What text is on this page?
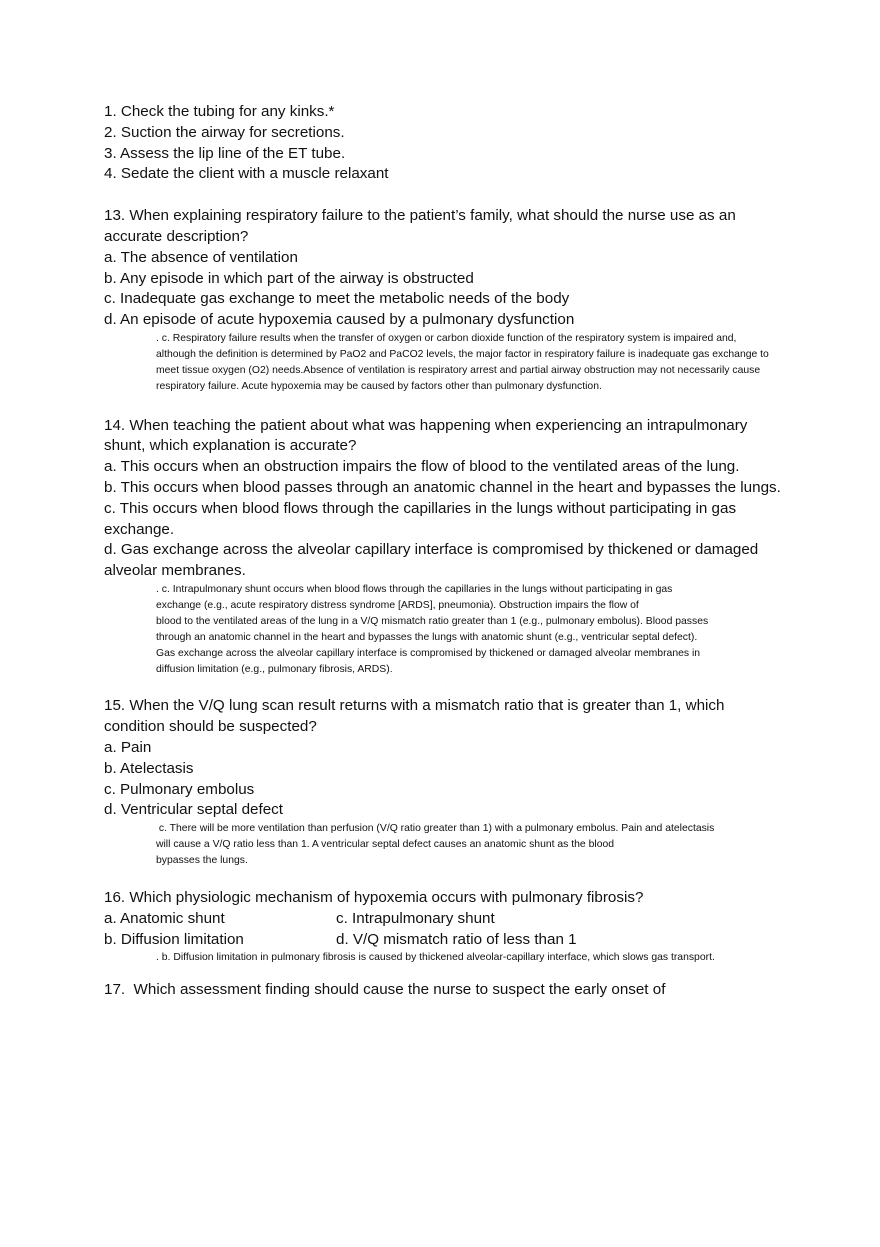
1. Check the tubing for any kinks.*
2. Suction the airway for secretions.
3. Assess the lip line of the ET tube.
4. Sedate the client with a muscle relaxant
13. When explaining respiratory failure to the patient’s family, what should the nurse use as an accurate description?
a. The absence of ventilation
b. Any episode in which part of the airway is obstructed
c. Inadequate gas exchange to meet the metabolic needs of the body
d. An episode of acute hypoxemia caused by a pulmonary dysfunction
. c. Respiratory failure results when the transfer of oxygen or carbon dioxide function of the respiratory system is impaired and, although the definition is determined by PaO2 and PaCO2 levels, the major factor in respiratory failure is inadequate gas exchange to meet tissue oxygen (O2) needs.Absence of ventilation is respiratory arrest and partial airway obstruction may not necessarily cause respiratory failure. Acute hypoxemia may be caused by factors other than pulmonary dysfunction.
14. When teaching the patient about what was happening when experiencing an intrapulmonary shunt, which explanation is accurate?
a. This occurs when an obstruction impairs the flow of blood to the ventilated areas of the lung.
b. This occurs when blood passes through an anatomic channel in the heart and bypasses the lungs.
c. This occurs when blood flows through the capillaries in the lungs without participating in gas exchange.
d. Gas exchange across the alveolar capillary interface is compromised by thickened or damaged alveolar membranes.
. c. Intrapulmonary shunt occurs when blood flows through the capillaries in the lungs without participating in gas
exchange (e.g., acute respiratory distress syndrome [ARDS], pneumonia). Obstruction impairs the flow of
blood to the ventilated areas of the lung in a V/Q mismatch ratio greater than 1 (e.g., pulmonary embolus). Blood passes
through an anatomic channel in the heart and bypasses the lungs with anatomic shunt (e.g., ventricular septal defect).
Gas exchange across the alveolar capillary interface is compromised by thickened or damaged alveolar membranes in
diffusion limitation (e.g., pulmonary fibrosis, ARDS).
15. When the V/Q lung scan result returns with a mismatch ratio that is greater than 1, which condition should be suspected?
a. Pain
b. Atelectasis
c. Pulmonary embolus
d. Ventricular septal defect
c. There will be more ventilation than perfusion (V/Q ratio greater than 1) with a pulmonary embolus. Pain and atelectasis
will cause a V/Q ratio less than 1. A ventricular septal defect causes an anatomic shunt as the blood
bypasses the lungs.
16. Which physiologic mechanism of hypoxemia occurs with pulmonary fibrosis?
a. Anatomic shunt	c. Intrapulmonary shunt
b. Diffusion limitation	d. V/Q mismatch ratio of less than 1
. b. Diffusion limitation in pulmonary fibrosis is caused by thickened alveolar-capillary interface, which slows gas transport.
17.  Which assessment finding should cause the nurse to suspect the early onset of
